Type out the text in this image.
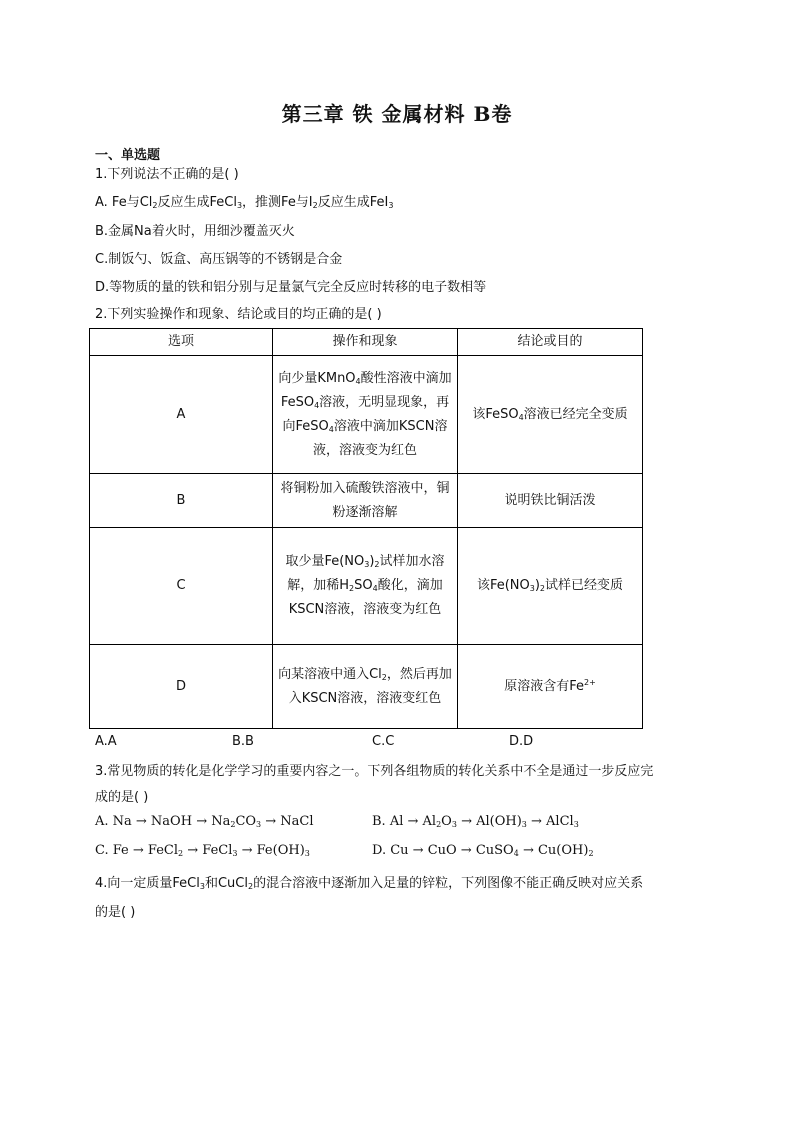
第三章 铁 金属材料 B卷
一、单选题
1.下列说法不正确的是( )
A. Fe与$Cl_2$反应生成FeCl$_3$，推测Fe与$I_2$反应生成FeI$_3$
B.金属Na着火时，用细沙覆盖灭火
C.制饭勺、饭盒、高压锅等的不锈钢是合金
D.等物质的量的铁和铝分别与足量氯气完全反应时转移的电子数相等
2.下列实验操作和现象、结论或目的均正确的是( )
选项	操作和现象	结论或目的
A	向少量KMnO$_4$酸性溶液中滴加FeSO$_4$溶液，无明显现象，再向FeSO$_4$溶液中滴加KSCN溶液，溶液变为红色	该FeSO$_4$溶液已经完全变质
B	将铜粉加入硫酸铁溶液中，铜粉逐渐溶解	说明铁比铜活泼
C	取少量$Fe(NO_3)_2$试样加水溶解，加稀$H_2SO_4$酸化，滴加KSCN溶液，溶液变为红色	该$Fe(NO_3)_2$试样已经变质
D	向某溶液中通入$Cl_2$，然后再加入KSCN溶液，溶液变红色	原溶液含有$Fe^{2+}$
A.A	B.B	C.C	D.D
3.常见物质的转化是化学学习的重要内容之一。下列各组物质的转化关系中不全是通过一步反应完
成的是( )
A. Na → NaOH → $Na_2CO_3$ → NaCl	B. $Al \to Al_2O_3 \to Al(OH)_3$ → AlCl$_3$
C. Fe → FeCl$_2$ → FeCl$_3$ → $Fe(OH)_3$	D. Cu → CuO → CuSO$_4$ → $Cu(OH)_2$
4.向一定质量FeCl$_3$和CuCl$_2$的混合溶液中逐渐加入足量的锌粒，下列图像不能正确反映对应关系
的是( )
